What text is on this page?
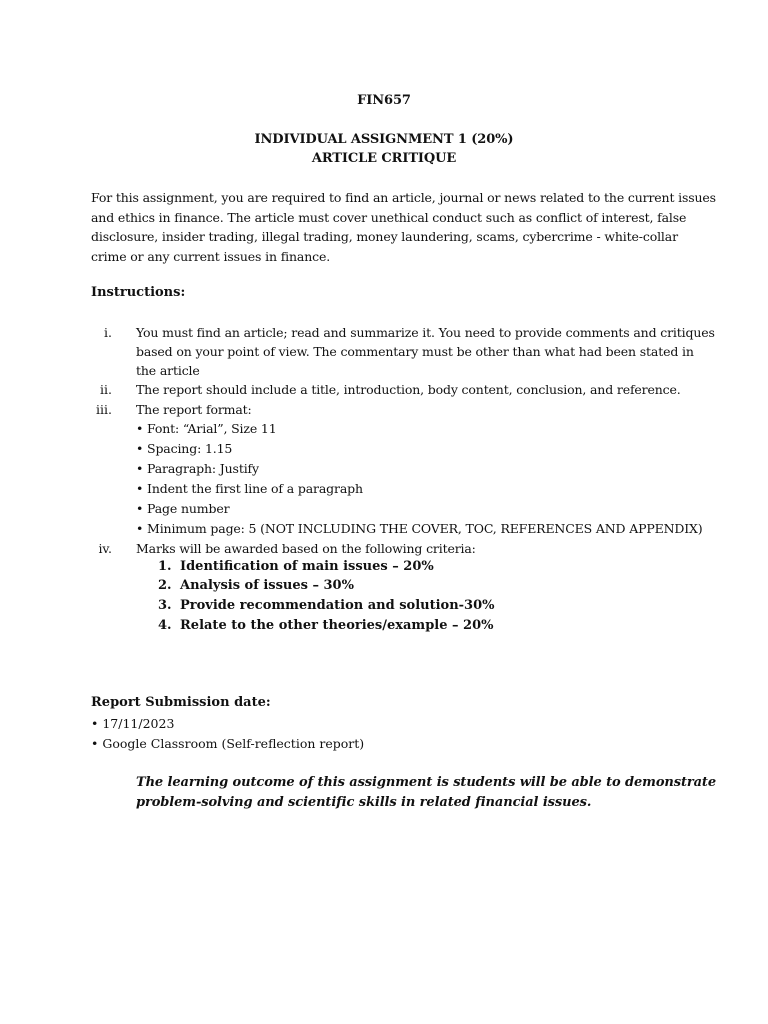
FIN657
INDIVIDUAL ASSIGNMENT 1 (20%)
ARTICLE CRITIQUE
For this assignment, you are required to find an article, journal or news related to the current issues
and ethics in finance. The article must cover unethical conduct such as conflict of interest, false
disclosure, insider trading, illegal trading, money laundering, scams, cybercrime - white-collar
crime or any current issues in finance.
Instructions:
i. You must find an article; read and summarize it. You need to provide comments and critiques
based on your point of view. The commentary must be other than what had been stated in
the article
ii. The report should include a title, introduction, body content, conclusion, and reference.
iii. The report format:
• Font: “Arial”, Size 11
• Spacing: 1.15
• Paragraph: Justify
• Indent the first line of a paragraph
• Page number
• Minimum page: 5 (NOT INCLUDING THE COVER, TOC, REFERENCES AND APPENDIX)
iv. Marks will be awarded based on the following criteria:
1. Identification of main issues – 20%
2. Analysis of issues – 30%
3. Provide recommendation and solution-30%
4. Relate to the other theories/example – 20%
Report Submission date:
• 17/11/2023
• Google Classroom (Self-reflection report)
The learning outcome of this assignment is students will be able to demonstrate
problem-solving and scientific skills in related financial issues.
